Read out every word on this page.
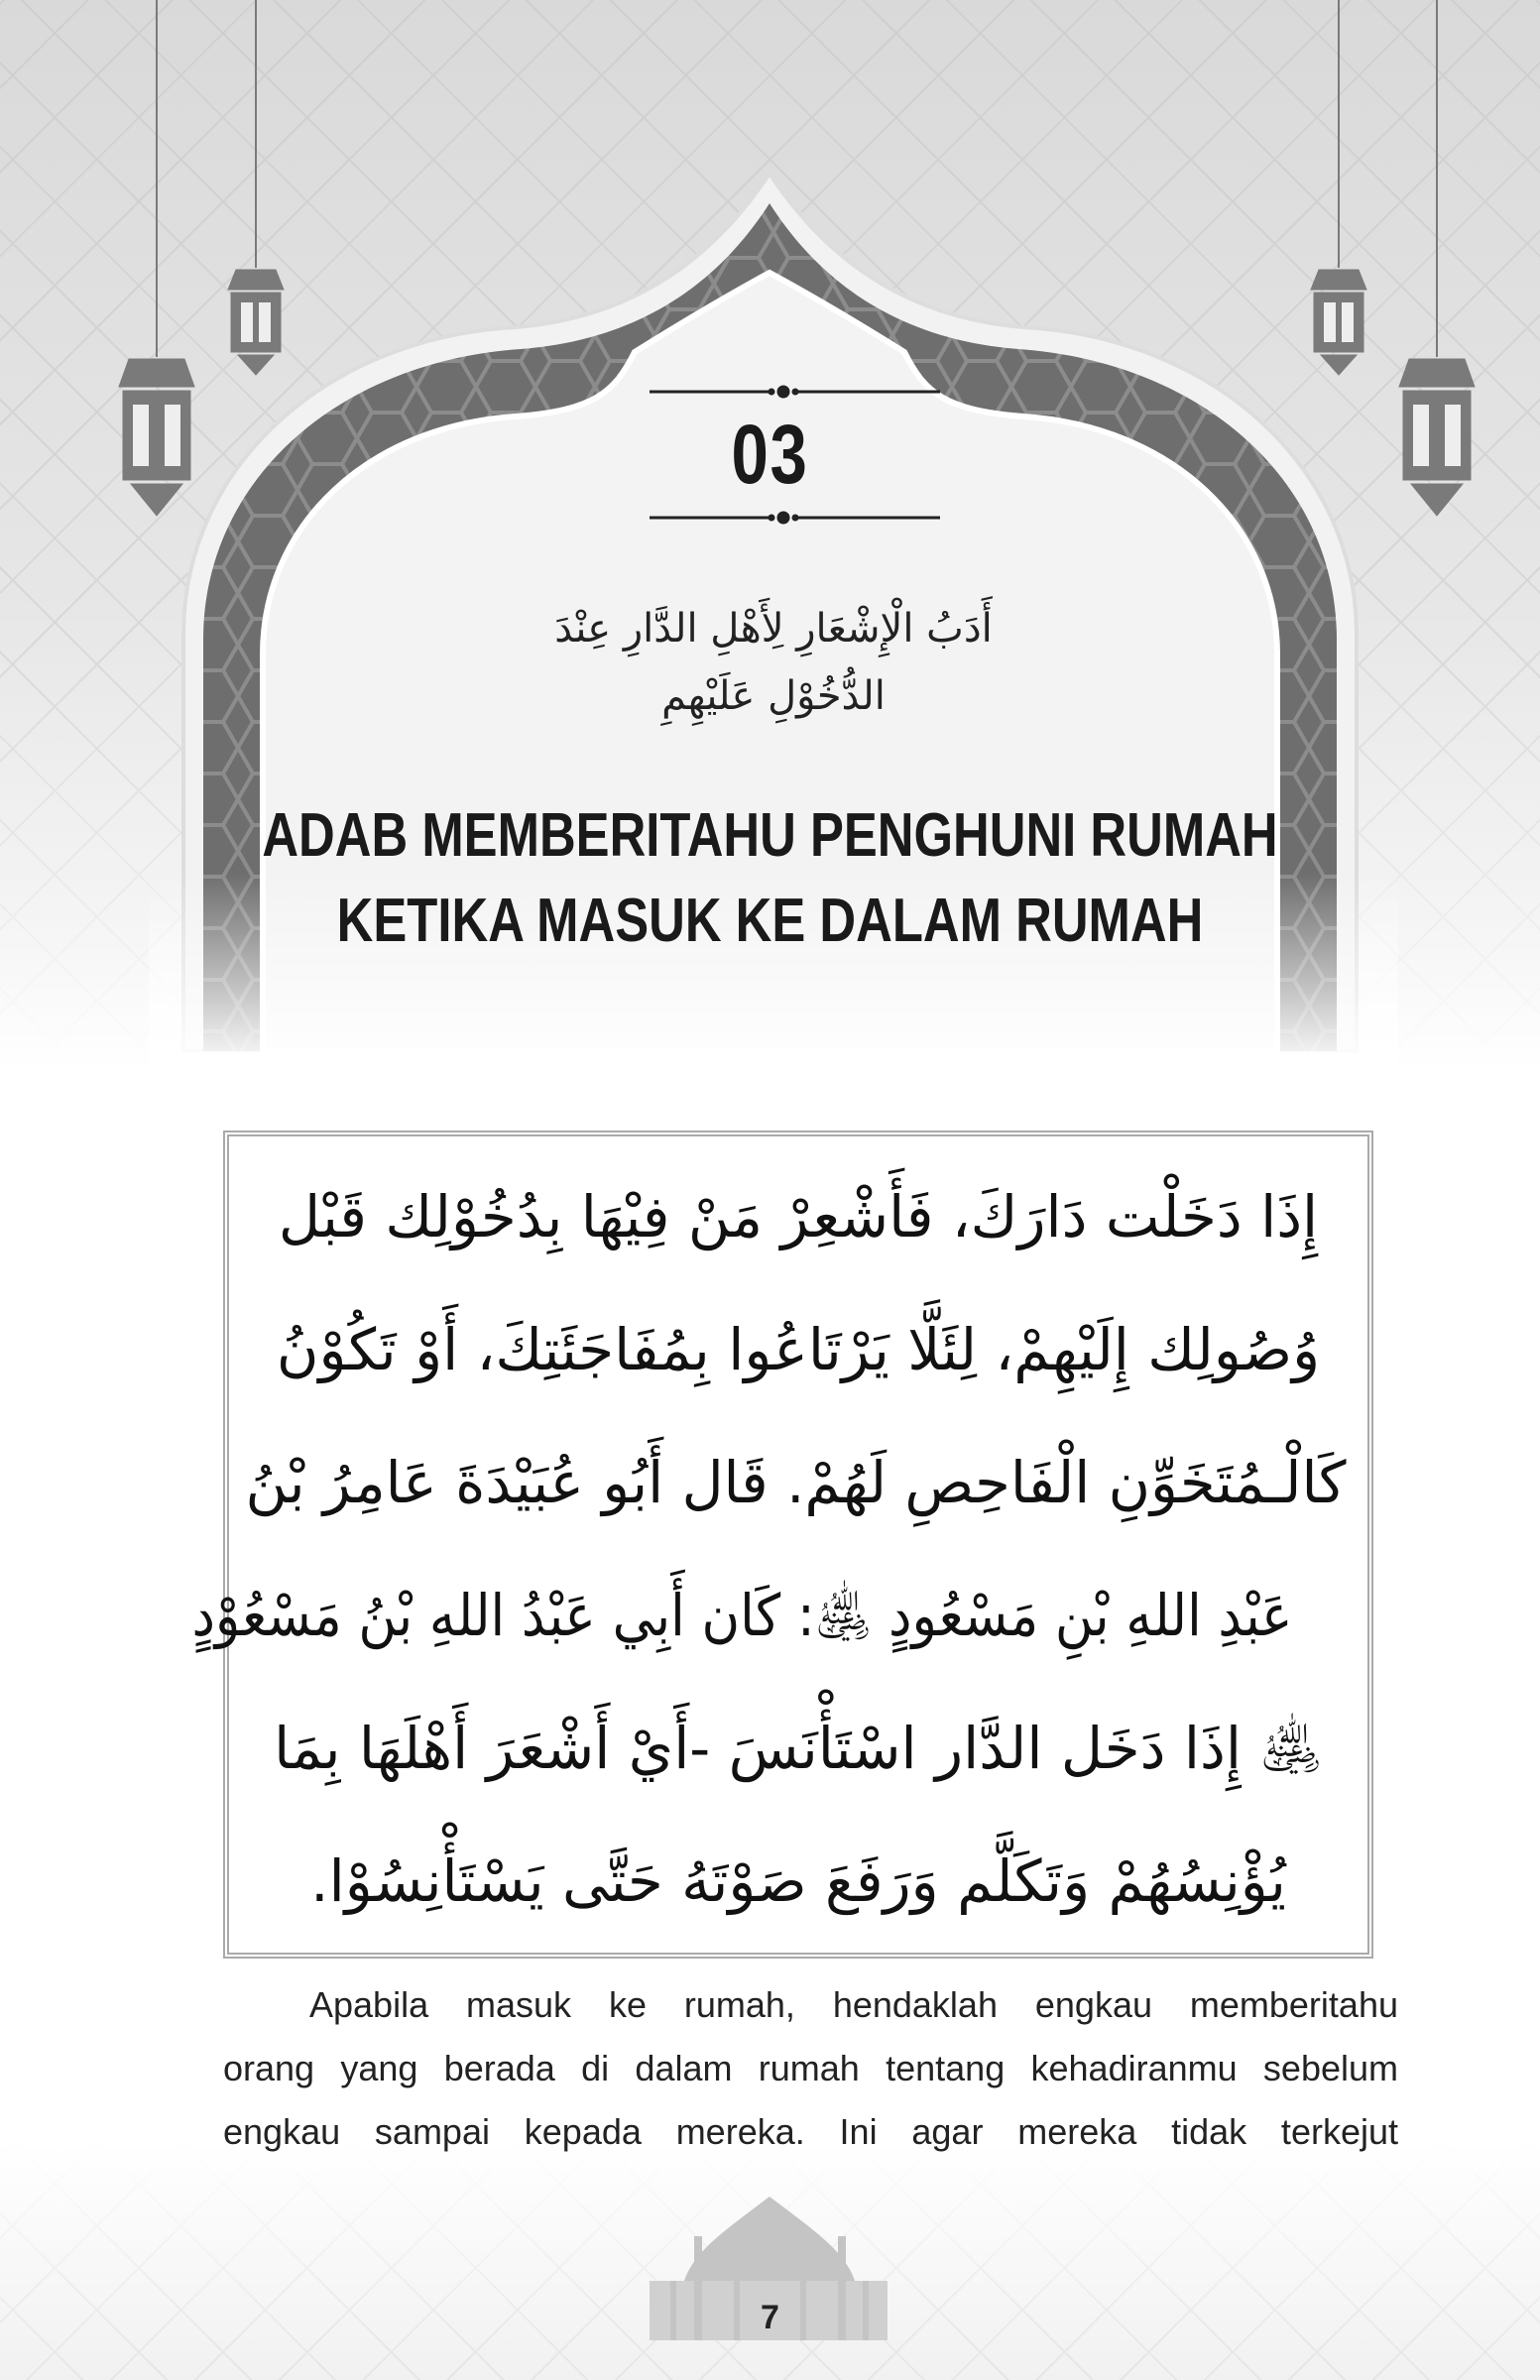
03
أَدَبُ الْإِشْعَارِ لِأَهْلِ الدَّارِ عِنْدَ
الدُّخُوْلِ عَلَيْهِمِ
ADAB MEMBERITAHU PENGHUNI RUMAH
KETIKA MASUK KE DALAM RUMAH
إِذَا دَخَلْت دَارَكَ، فَأَشْعِرْ مَنْ فِيْهَا بِدُخُوْلِك قَبْل
وُصُولِك إِلَيْهِمْ، لِئَلَّا يَرْتَاعُوا بِمُفَاجَئَتِكَ، أَوْ تَكُوْنُ
كَالْـمُتَخَوِّنِ الْفَاحِصِ لَهُمْ. قَال أَبُو عُبَيْدَةَ عَامِرُ بْنُ
عَبْدِ اللهِ بْنِ مَسْعُودٍ ﵁: كَان أَبِي عَبْدُ اللهِ بْنُ مَسْعُوْدٍ
﵁ إِذَا دَخَل الدَّار اسْتَأْنَسَ -أَيْ أَشْعَرَ أَهْلَهَا بِمَا
يُؤْنِسُهُمْ وَتَكَلَّم وَرَفَعَ صَوْتَهُ حَتَّى يَسْتَأْنِسُوْا.
Apabila masuk ke rumah, hendaklah engkau memberitahu
orang yang berada di dalam rumah tentang kehadiranmu sebelum
engkau sampai kepada mereka. Ini agar mereka tidak terkejut
7
